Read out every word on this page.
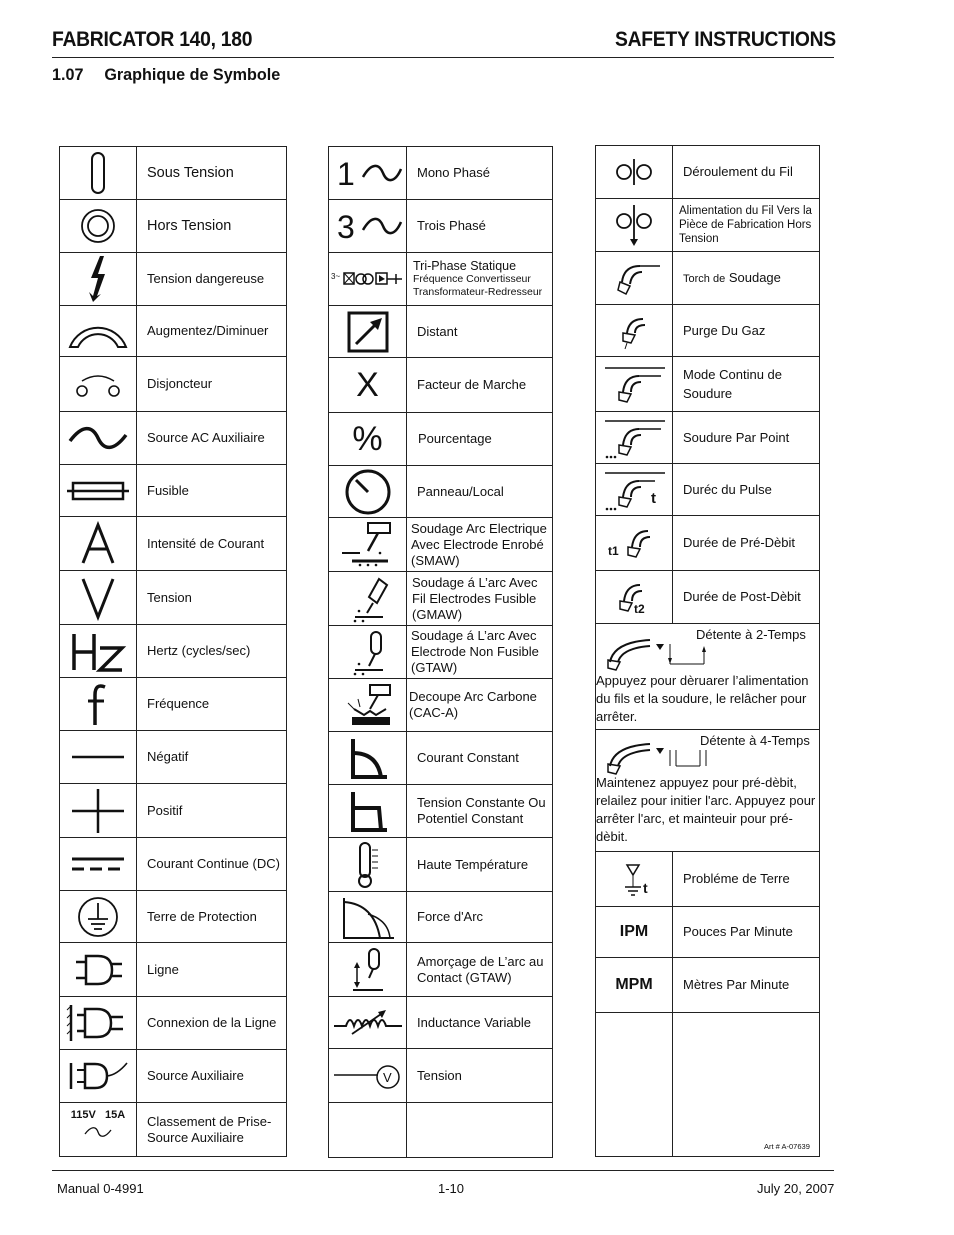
FABRICATOR 140, 180	SAFETY INSTRUCTIONS
1.07 Graphique de Symbole
	Sous Tension

	Hors Tension

	Tension dangereuse

	Augmentez/Diminuer

	Disjoncteur

	Source AC Auxiliaire

	Fusible

	Intensité de Courant

	Tension

	Hertz (cycles/sec)

	Fréquence

	Négatif

	Positif

	Courant Continue (DC)

	Terre de Protection

	Ligne

	Connexion de la Ligne

	Source Auxiliaire
115V 15A	Classement de Prise- Source Auxiliaire
1	Mono Phasé

3	Trois Phasé

3~	Tri-Phase Statique
Fréquence Convertisseur
Transformateur-Redresseur

	Distant
X	Facteur de Marche
%	Pourcentage

	Panneau/Local

	Soudage Arc Electrique Avec Electrode Enrobé (SMAW)

	Soudage á L’arc Avec Fil Electrodes Fusible (GMAW)

	Soudage á L’arc Avec Electrode Non Fusible (GTAW)

	Decoupe Arc Carbone (CAC-A)

	Courant Constant

	Tension Constante Ou Potentiel Constant

	Haute Température

	Force d'Arc

	Amorçage de L’arc au Contact (GTAW)

	Inductance Variable

V	Tension

	Déroulement du Fil

	Alimentation du Fil Vers la Pièce de Fabrication Hors Tension

	Torch de Soudage

	Purge Du Gaz

	Mode Continu de Soudure

	Soudure Par Point

t	Duréc du Pulse

t1	Durée de Pré-Dèbit

t2	Durée de Post-Dèbit

Détente à 2-Temps
Appuyez pour dèruarer l’alimentation du fils et la soudure, le relâcher pour arrêter.	

Détente à 4-Temps
Maintenez appuyez pour pré-dèbit, relailez pour initier l'arc. Appuyez pour arrêter l'arc, et mainteuir pour pré-dèbit.	

t	Probléme de Terre
IPM	Pouces Par Minute
MPM	Mètres Par Minute

Art # A-07639
Manual 0-4991	1-10	July 20, 2007
